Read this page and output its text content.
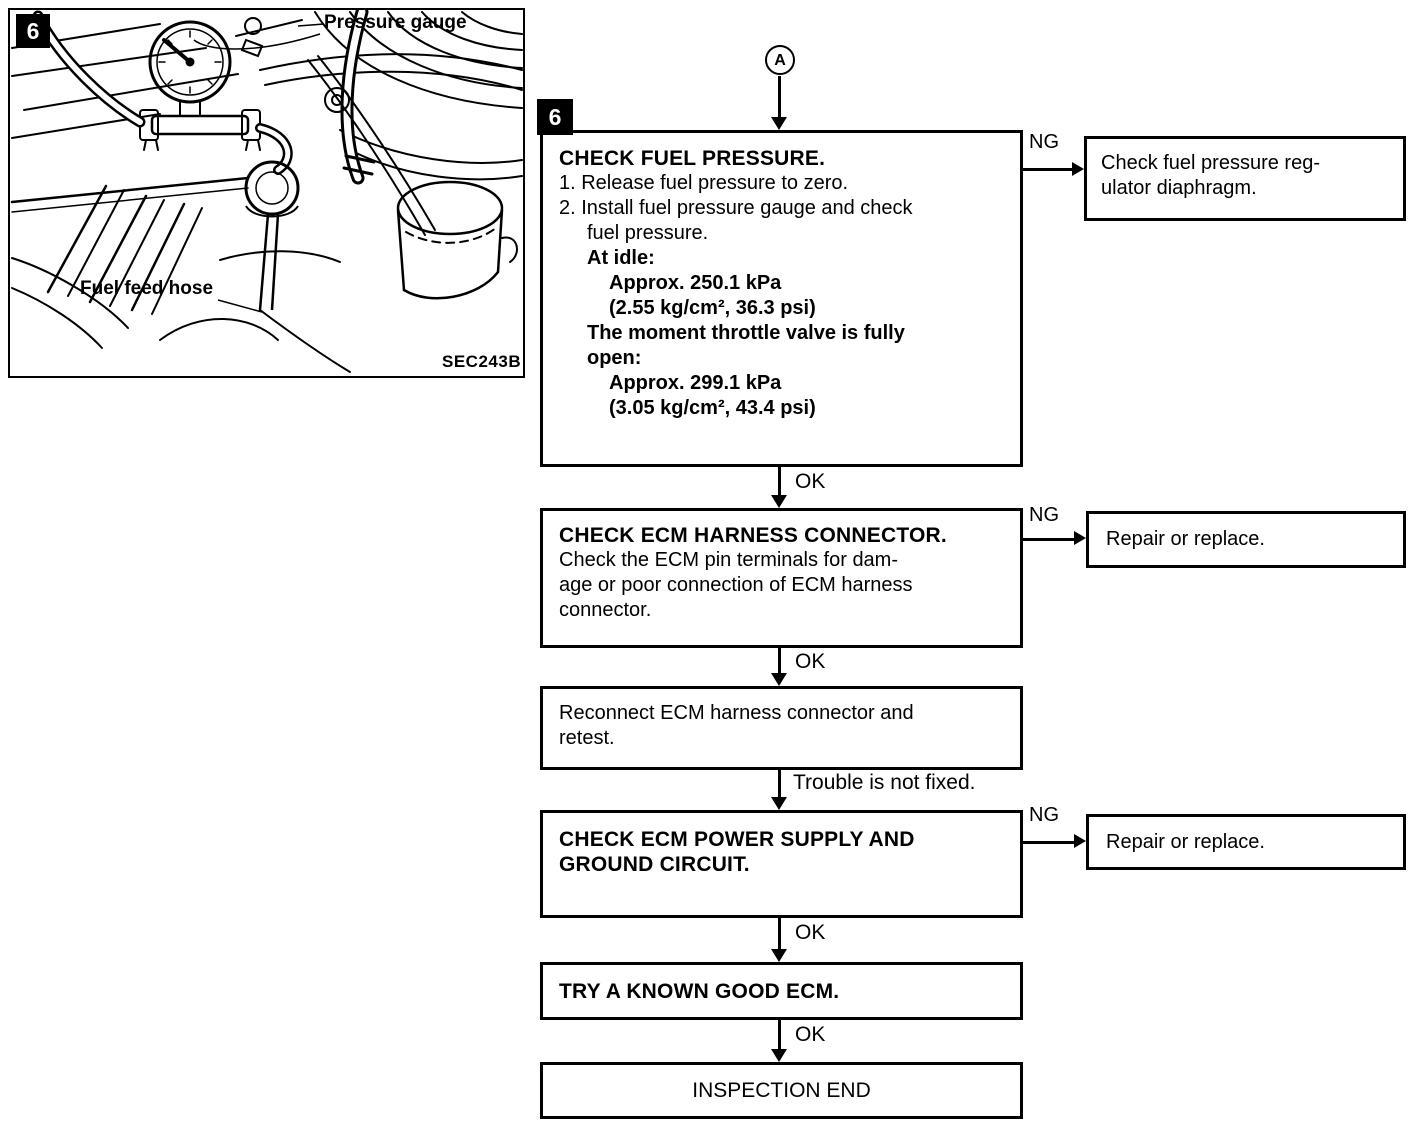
6	Pressure gauge
Fuel feed hose
SEC243B
A
6
CHECK FUEL PRESSURE.
1. Release fuel pressure to zero.
2. Install fuel pressure gauge and check
fuel pressure.
At idle:
Approx. 250.1 kPa
(2.55 kg/cm², 36.3 psi)
The moment throttle valve is fully
open:
Approx. 299.1 kPa
(3.05 kg/cm², 43.4 psi)
NG
Check fuel pressure reg-
ulator diaphragm.
OK
CHECK ECM HARNESS CONNECTOR.
Check the ECM pin terminals for dam-
age or poor connection of ECM harness
connector.
NG
Repair or replace.
OK
Reconnect ECM harness connector and
retest.
Trouble is not fixed.
CHECK ECM POWER SUPPLY AND
GROUND CIRCUIT.
NG
Repair or replace.
OK
TRY A KNOWN GOOD ECM.
OK
INSPECTION END
